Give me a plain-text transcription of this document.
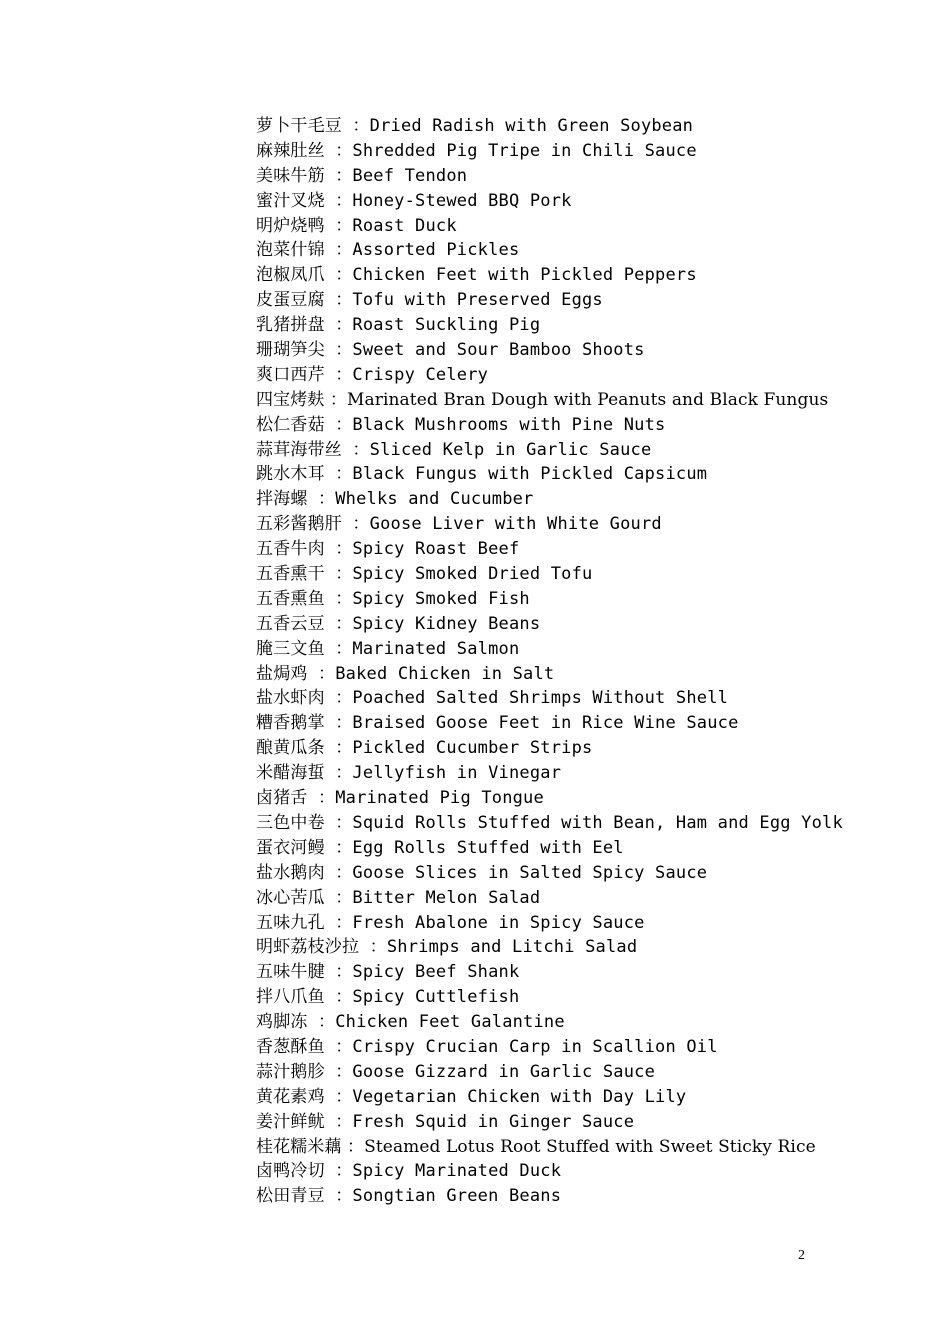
萝卜干毛豆 ：Dried Radish with Green Soybean
麻辣肚丝 ：Shredded Pig Tripe in Chili Sauce
美味牛筋 ：Beef Tendon
蜜汁叉烧 ：Honey-Stewed BBQ Pork
明炉烧鸭 ：Roast Duck
泡菜什锦 ：Assorted Pickles
泡椒凤爪 ：Chicken Feet with Pickled Peppers
皮蛋豆腐 ：Tofu with Preserved Eggs
乳猪拼盘 ：Roast Suckling Pig
珊瑚笋尖 ：Sweet and Sour Bamboo Shoots
爽口西芹 ：Crispy Celery
四宝烤麸 ：Marinated Bran Dough with Peanuts and Black Fungus
松仁香菇 ：Black Mushrooms with Pine Nuts
蒜茸海带丝 ：Sliced Kelp in Garlic Sauce
跳水木耳 ：Black Fungus with Pickled Capsicum
拌海螺 ：Whelks and Cucumber
五彩酱鹅肝 ：Goose Liver with White Gourd
五香牛肉 ：Spicy Roast Beef
五香熏干 ：Spicy Smoked Dried Tofu
五香熏鱼 ：Spicy Smoked Fish
五香云豆 ：Spicy Kidney Beans
腌三文鱼 ：Marinated Salmon
盐焗鸡 ：Baked Chicken in Salt
盐水虾肉 ：Poached Salted Shrimps Without Shell
糟香鹅掌 ：Braised Goose Feet in Rice Wine Sauce
酿黄瓜条 ：Pickled Cucumber Strips
米醋海蜇 ：Jellyfish in Vinegar
卤猪舌 ：Marinated Pig Tongue
三色中卷 ：Squid Rolls Stuffed with Bean, Ham and Egg Yolk
蛋衣河鳗 ：Egg Rolls Stuffed with Eel
盐水鹅肉 ：Goose Slices in Salted Spicy Sauce
冰心苦瓜 ：Bitter Melon Salad
五味九孔 ：Fresh Abalone in Spicy Sauce
明虾荔枝沙拉 ：Shrimps and Litchi Salad
五味牛腱 ：Spicy Beef Shank
拌八爪鱼 ：Spicy Cuttlefish
鸡脚冻 ：Chicken Feet Galantine
香葱酥鱼 ：Crispy Crucian Carp in Scallion Oil
蒜汁鹅胗 ：Goose Gizzard in Garlic Sauce
黄花素鸡 ：Vegetarian Chicken with Day Lily
姜汁鲜鱿 ：Fresh Squid in Ginger Sauce
桂花糯米藕 ：Steamed Lotus Root Stuffed with Sweet Sticky Rice
卤鸭冷切 ：Spicy Marinated Duck
松田青豆 ：Songtian Green Beans
2
